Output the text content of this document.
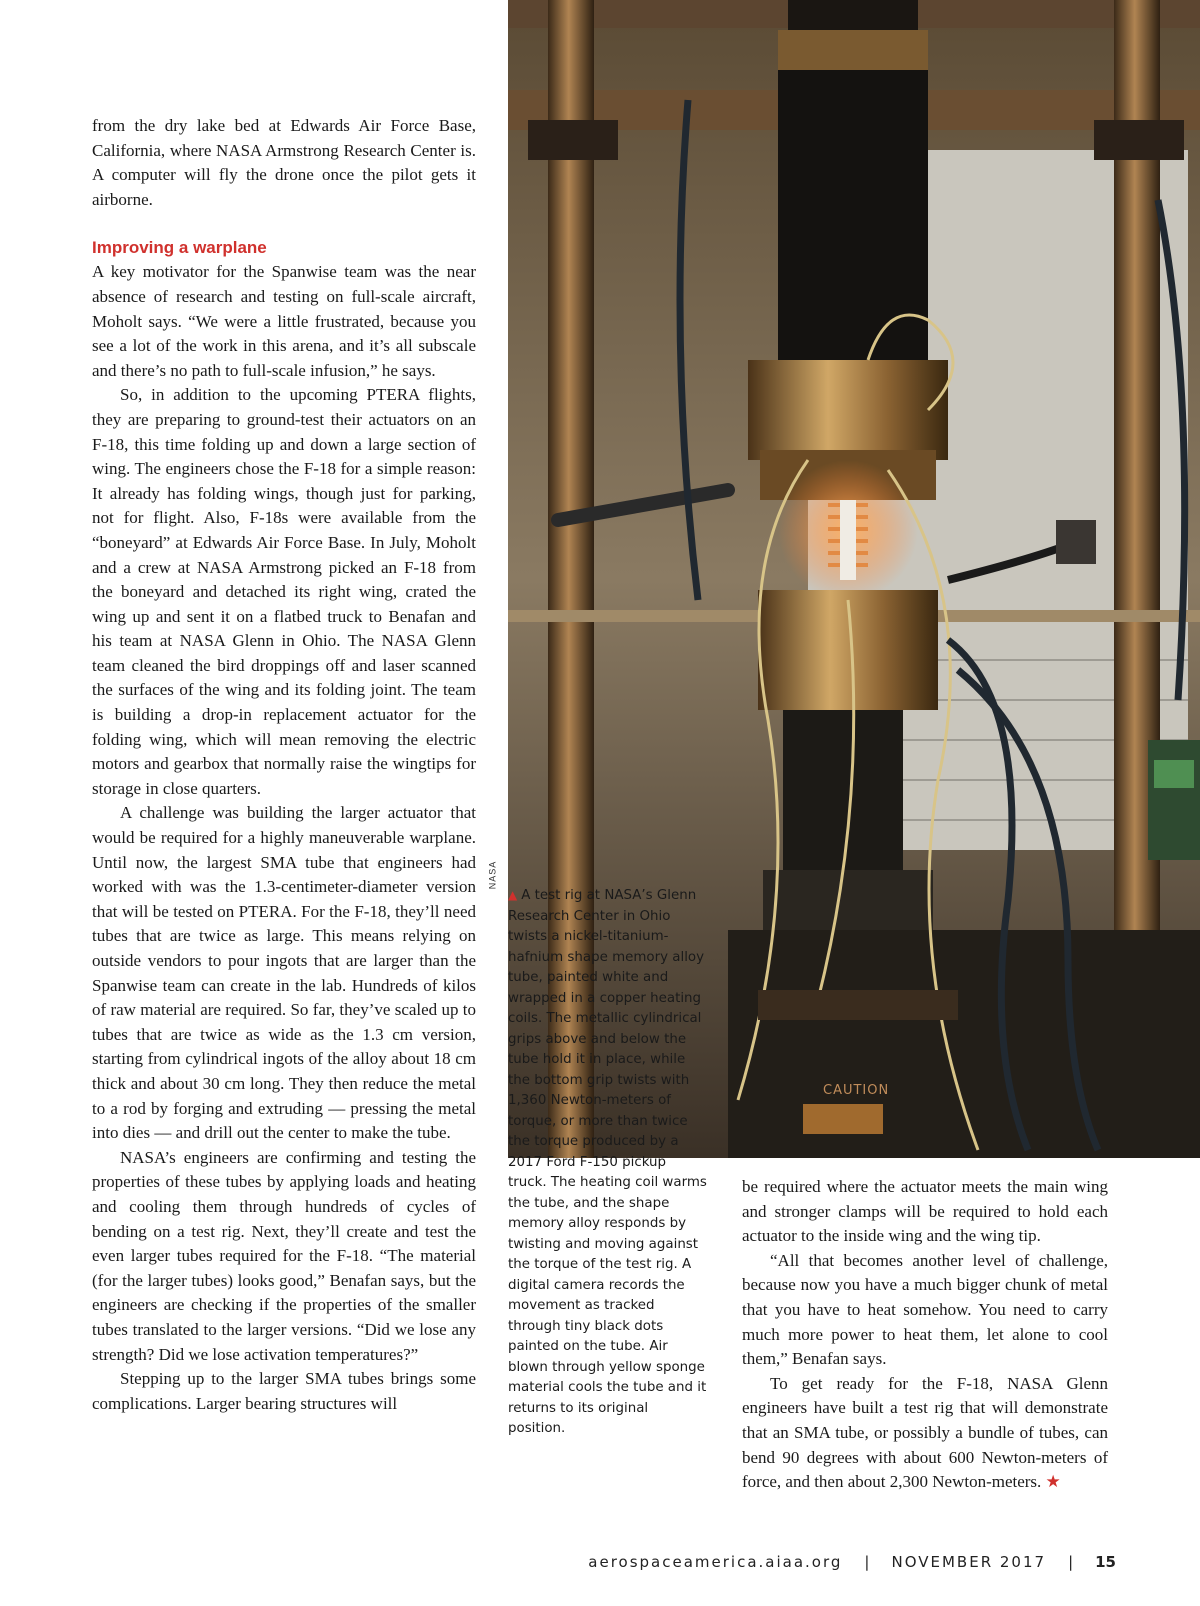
from the dry lake bed at Edwards Air Force Base, California, where NASA Armstrong Research Center is. A computer will fly the drone once the pilot gets it airborne.

Improving a warplane

A key motivator for the Spanwise team was the near absence of research and testing on full-scale aircraft, Moholt says. “We were a little frustrated, because you see a lot of the work in this arena, and it’s all subscale and there’s no path to full-scale infusion,” he says.

So, in addition to the upcoming PTERA flights, they are preparing to ground-test their actuators on an F-18, this time folding up and down a large section of wing. The engineers chose the F-18 for a simple reason: It already has folding wings, though just for parking, not for flight. Also, F-18s were available from the “boneyard” at Edwards Air Force Base. In July, Moholt and a crew at NASA Armstrong picked an F-18 from the boneyard and detached its right wing, crated the wing up and sent it on a flatbed truck to Benafan and his team at NASA Glenn in Ohio. The NASA Glenn team cleaned the bird droppings off and laser scanned the surfaces of the wing and its folding joint. The team is building a drop-in replacement actuator for the folding wing, which will mean removing the electric motors and gearbox that normally raise the wingtips for storage in close quarters.

A challenge was building the larger actuator that would be required for a highly maneuverable warplane. Until now, the largest SMA tube that engineers had worked with was the 1.3-centimeter-diameter version that will be tested on PTERA. For the F-18, they’ll need tubes that are twice as large. This means relying on outside vendors to pour ingots that are larger than the Spanwise team can create in the lab. Hundreds of kilos of raw material are required. So far, they’ve scaled up to tubes that are twice as wide as the 1.3 cm version, starting from cylindrical ingots of the alloy about 18 cm thick and about 30 cm long. They then reduce the metal to a rod by forging and extruding — pressing the metal into dies — and drill out the center to make the tube.

NASA’s engineers are confirming and testing the properties of these tubes by applying loads and heating and cooling them through hundreds of cycles of bending on a test rig. Next, they’ll create and test the even larger tubes required for the F-18. “The material (for the larger tubes) looks good,” Benafan says, but the engineers are checking if the properties of the smaller tubes translated to the larger versions. “Did we lose any strength? Did we lose activation temperatures?”

Stepping up to the larger SMA tubes brings some complications. Larger bearing structures will

CAUTION
NASA
▲ A test rig at NASA’s Glenn Research Center in Ohio twists a nickel-titanium-hafnium shape memory alloy tube, painted white and wrapped in a copper heating coils. The metallic cylindrical grips above and below the tube hold it in place, while the bottom grip twists with 1,360 Newton-meters of torque, or more than twice the torque produced by a 2017 Ford F-150 pickup truck. The heating coil warms the tube, and the shape memory alloy responds by twisting and moving against the torque of the test rig. A digital camera records the movement as tracked through tiny black dots painted on the tube. Air blown through yellow sponge material cools the tube and it returns to its original position.

be required where the actuator meets the main wing and stronger clamps will be required to hold each actuator to the inside wing and the wing tip.

“All that becomes another level of challenge, because now you have a much bigger chunk of metal that you have to heat somehow. You need to carry much more power to heat them, let alone to cool them,” Benafan says.

To get ready for the F-18, NASA Glenn engineers have built a test rig that will demonstrate that an SMA tube, or possibly a bundle of tubes, can bend 90 degrees with about 600 Newton-meters of force, and then about 2,300 Newton-meters. ★

aerospaceamerica.aiaa.org | NOVEMBER 2017 | 15
